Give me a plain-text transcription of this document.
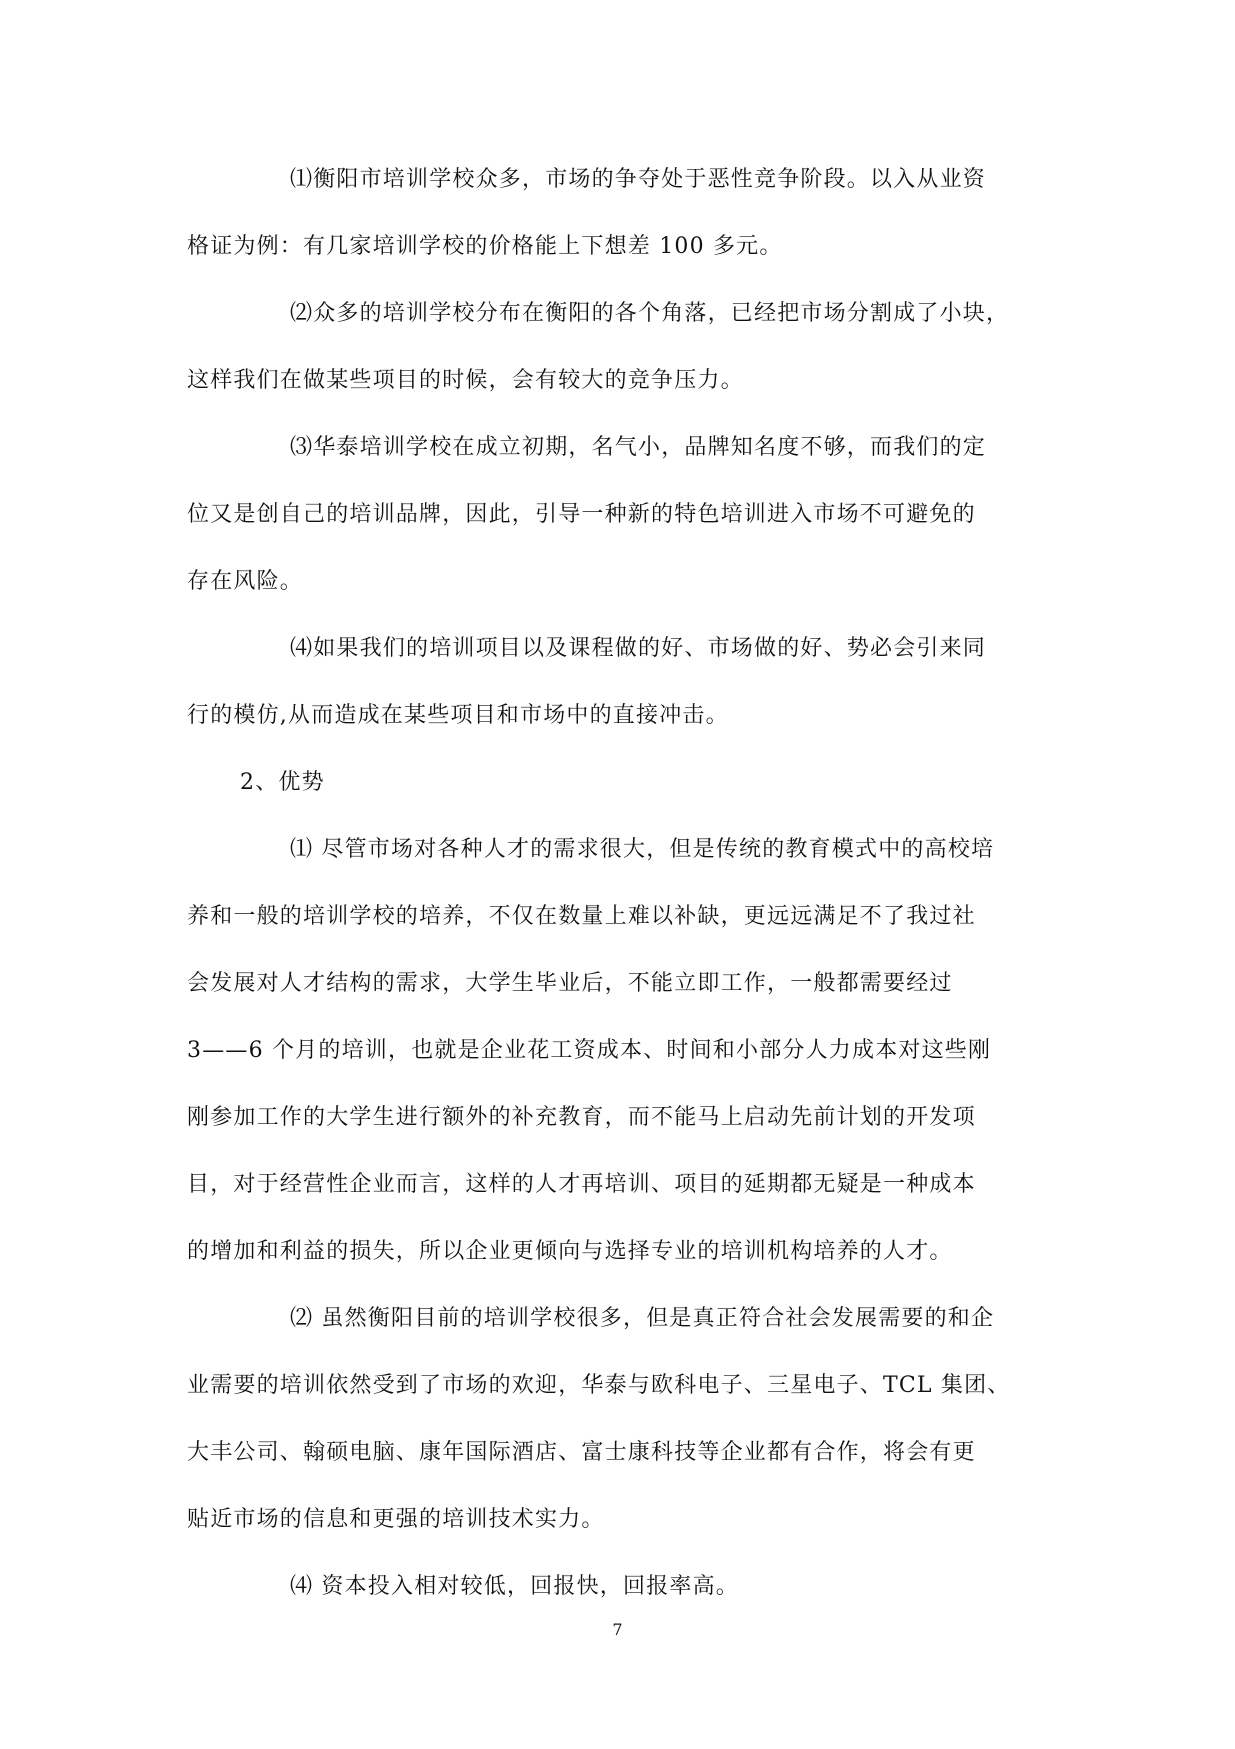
⑴衡阳市培训学校众多，市场的争夺处于恶性竞争阶段。以入从业资
格证为例：有几家培训学校的价格能上下想差 100 多元。
⑵众多的培训学校分布在衡阳的各个角落，已经把市场分割成了小块，
这样我们在做某些项目的时候，会有较大的竞争压力。
⑶华泰培训学校在成立初期，名气小，品牌知名度不够，而我们的定
位又是创自己的培训品牌，因此，引导一种新的特色培训进入市场不可避免的
存在风险。
⑷如果我们的培训项目以及课程做的好、市场做的好、势必会引来同
行的模仿,从而造成在某些项目和市场中的直接冲击。
2、优势
⑴ 尽管市场对各种人才的需求很大，但是传统的教育模式中的高校培
养和一般的培训学校的培养，不仅在数量上难以补缺，更远远满足不了我过社
会发展对人才结构的需求，大学生毕业后，不能立即工作，一般都需要经过
3——6 个月的培训，也就是企业花工资成本、时间和小部分人力成本对这些刚
刚参加工作的大学生进行额外的补充教育，而不能马上启动先前计划的开发项
目，对于经营性企业而言，这样的人才再培训、项目的延期都无疑是一种成本
的增加和利益的损失，所以企业更倾向与选择专业的培训机构培养的人才。
⑵ 虽然衡阳目前的培训学校很多，但是真正符合社会发展需要的和企
业需要的培训依然受到了市场的欢迎，华泰与欧科电子、三星电子、TCL 集团、
大丰公司、翰硕电脑、康年国际酒店、富士康科技等企业都有合作，将会有更
贴近市场的信息和更强的培训技术实力。
⑷ 资本投入相对较低，回报快，回报率高。
7
